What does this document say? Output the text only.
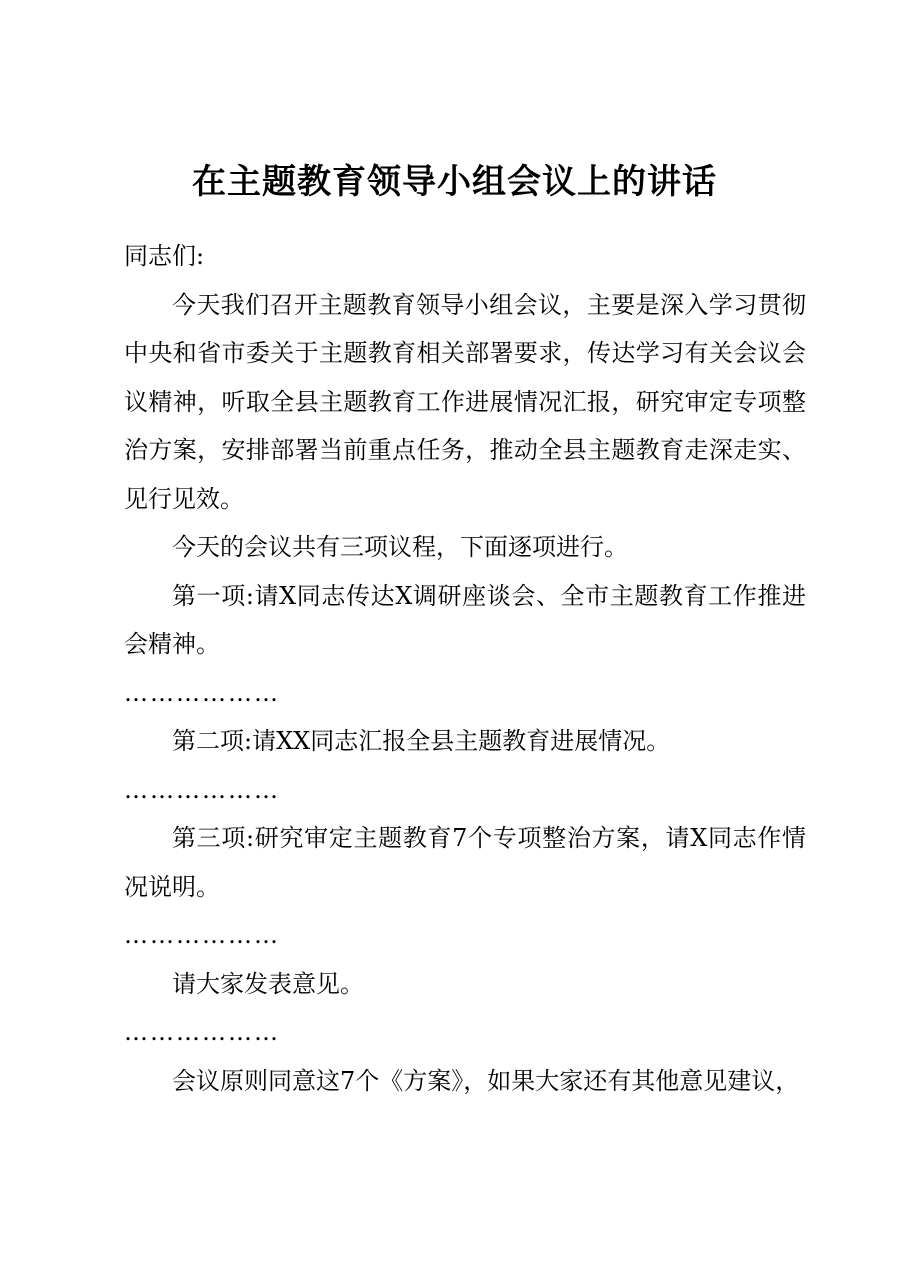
在主题教育领导小组会议上的讲话

同志们:

今天我们召开主题教育领导小组会议，主要是深入学习贯彻中央和省市委关于主题教育相关部署要求，传达学习有关会议会议精神，听取全县主题教育工作进展情况汇报，研究审定专项整治方案，安排部署当前重点任务，推动全县主题教育走深走实、见行见效。

今天的会议共有三项议程，下面逐项进行。

第一项:请X同志传达X调研座谈会、全市主题教育工作推进会精神。

………………

第二项:请XX同志汇报全县主题教育进展情况。

………………

第三项:研究审定主题教育7个专项整治方案，请X同志作情况说明。

………………

请大家发表意见。

………………

会议原则同意这7个《方案》，如果大家还有其他意见建议，
